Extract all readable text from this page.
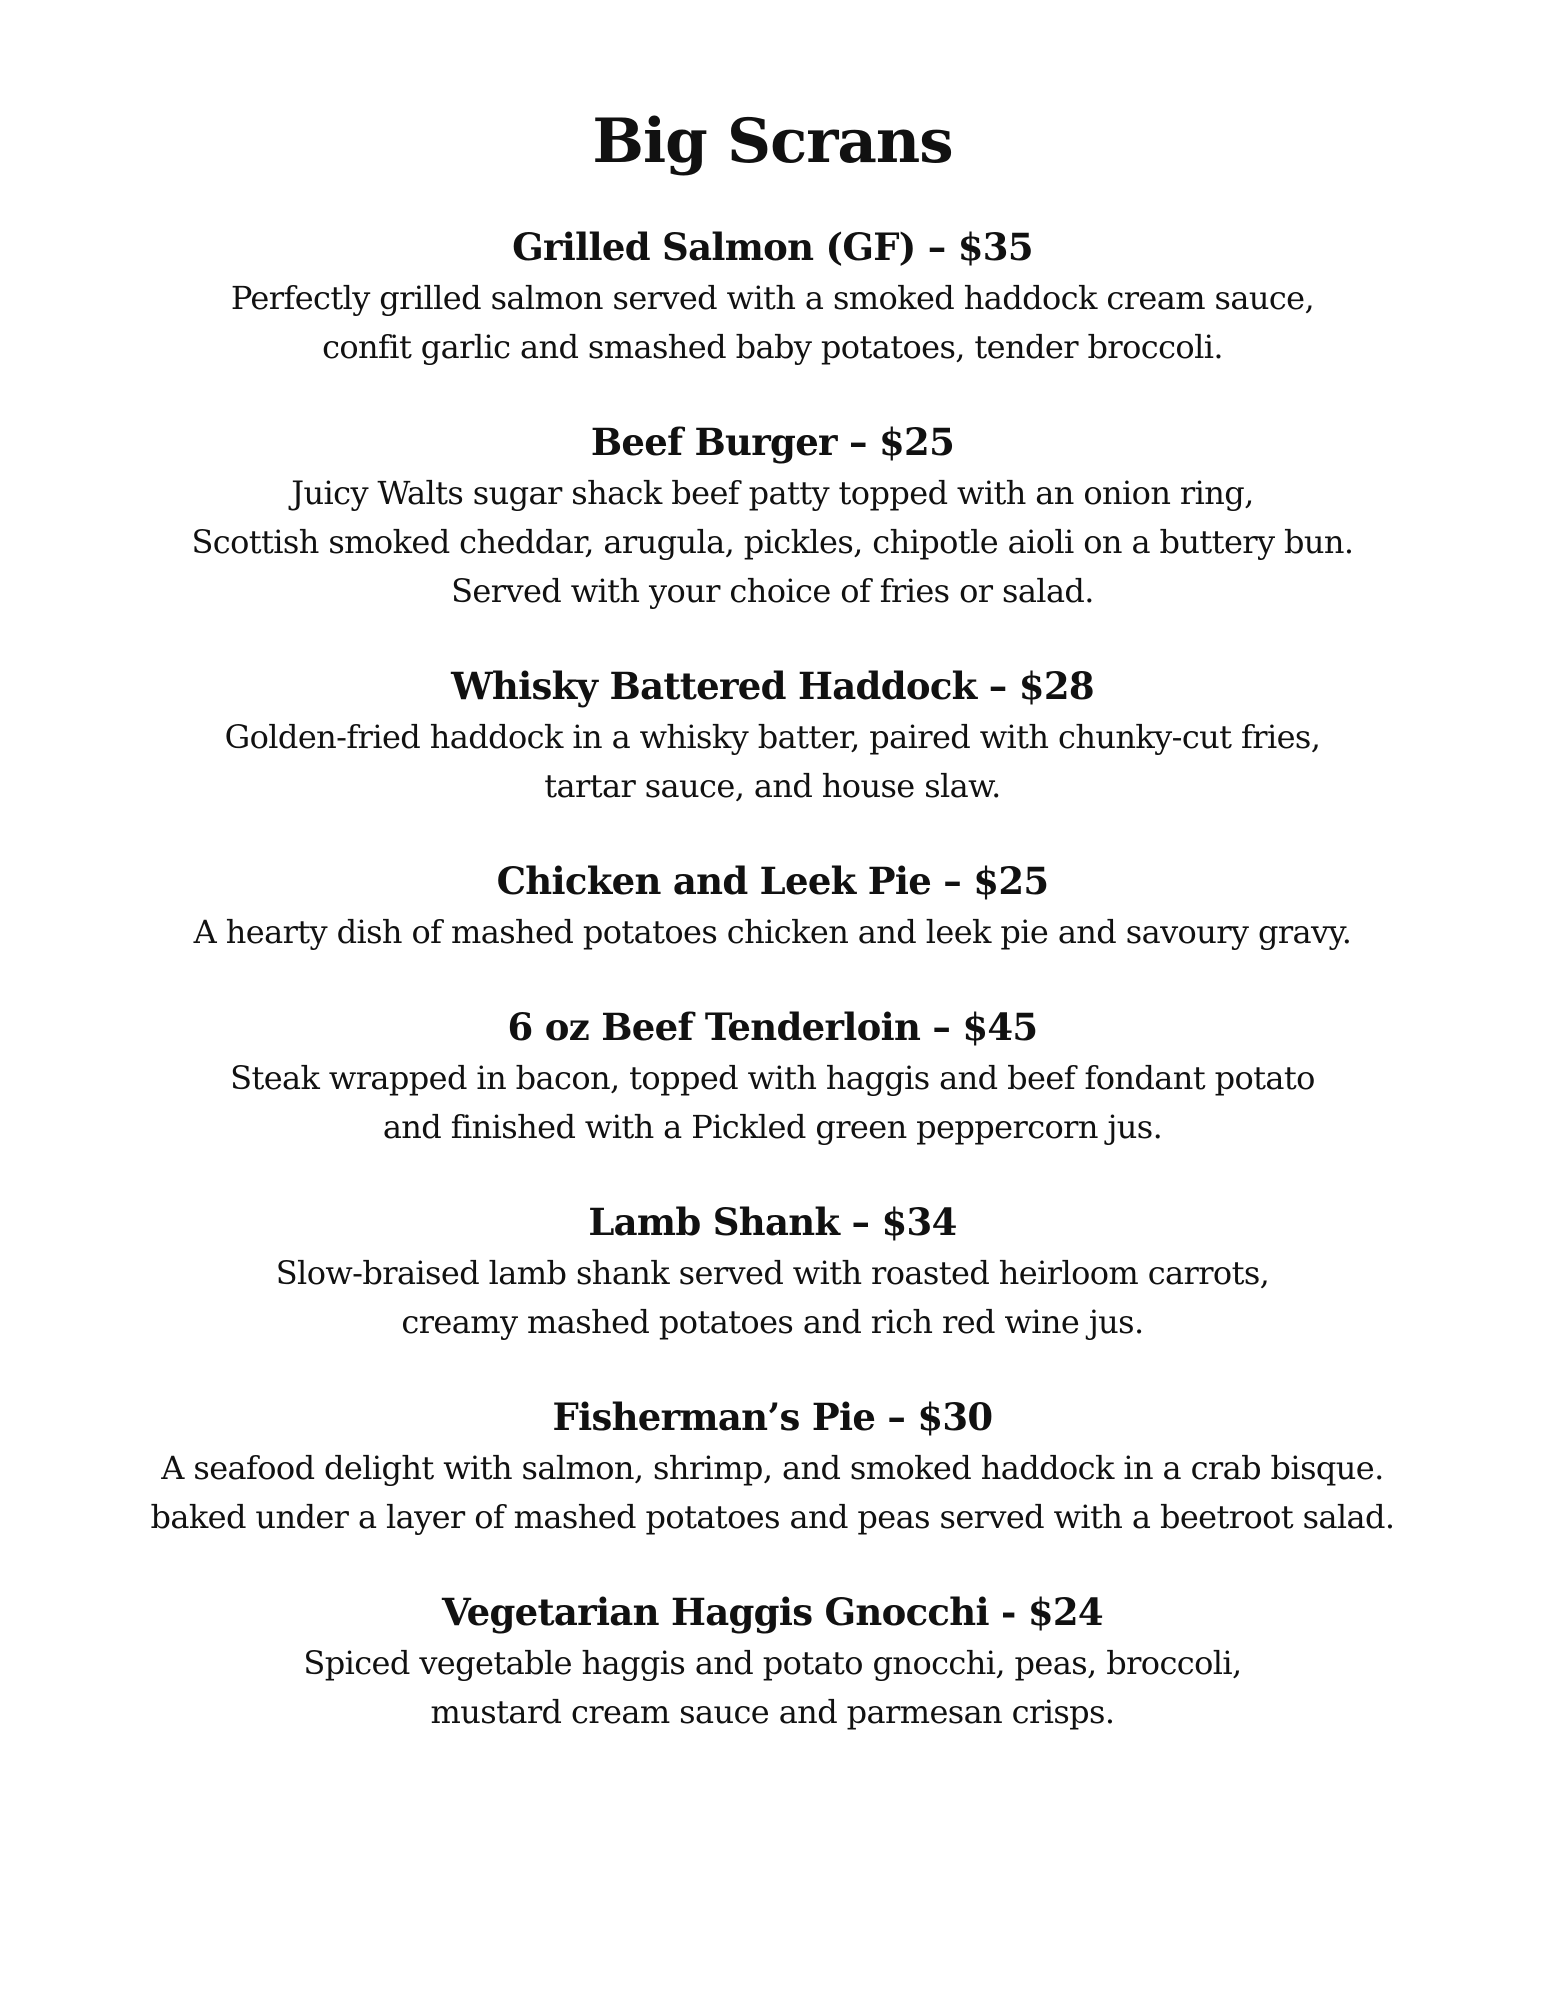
Big Scrans
Grilled Salmon (GF) – $35
Perfectly grilled salmon served with a smoked haddock cream sauce,
confit garlic and smashed baby potatoes, tender broccoli.
Beef Burger – $25
Juicy Walts sugar shack beef patty topped with an onion ring,
Scottish smoked cheddar, arugula, pickles, chipotle aioli on a buttery bun.
Served with your choice of fries or salad.
Whisky Battered Haddock – $28
Golden-fried haddock in a whisky batter, paired with chunky-cut fries,
tartar sauce, and house slaw.
Chicken and Leek Pie – $25
A hearty dish of mashed potatoes chicken and leek pie and savoury gravy.
6 oz Beef Tenderloin – $45
Steak wrapped in bacon, topped with haggis and beef fondant potato
and finished with a Pickled green peppercorn jus.
Lamb Shank – $34
Slow-braised lamb shank served with roasted heirloom carrots,
creamy mashed potatoes and rich red wine jus.
Fisherman’s Pie – $30
A seafood delight with salmon, shrimp, and smoked haddock in a crab bisque.
baked under a layer of mashed potatoes and peas served with a beetroot salad.
Vegetarian Haggis Gnocchi - $24
Spiced vegetable haggis and potato gnocchi, peas, broccoli,
mustard cream sauce and parmesan crisps.
